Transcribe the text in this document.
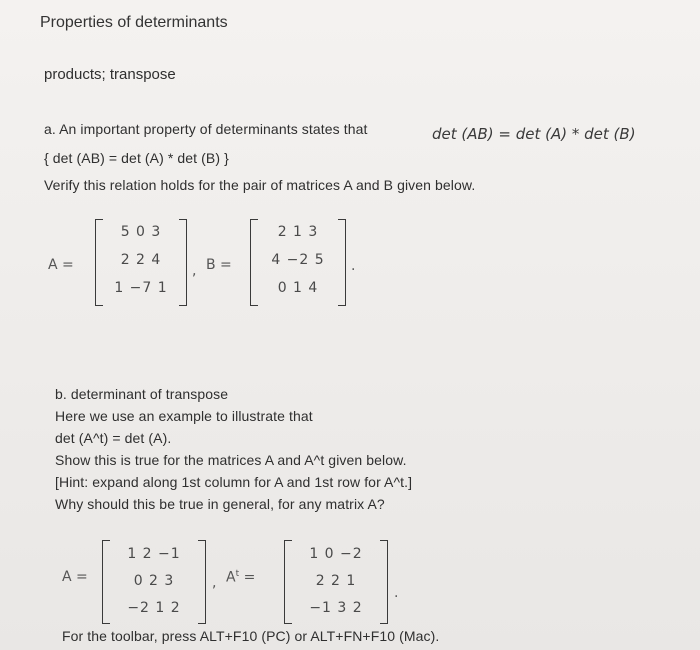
Properties of determinants
products; transpose
a. An important property of determinants states that	det (AB) = det (A) * det (B)
{ det (AB) = det (A) * det (B) }
Verify this relation holds for the pair of matrices A and B given below.
A =
5 0 3
2 2 4
1 −7 1
, B =
2 1 3
4 −2 5
0 1 4
.
b. determinant of transpose
Here we use an example to illustrate that
det (A^t) = det (A).
Show this is true for the matrices A and A^t given below.
[Hint: expand along 1st column for A and 1st row for A^t.]
Why should this be true in general, for any matrix A?
A =
1 2 −1
0 2 3
−2 1 2
, $A^t$ =
1 0 −2
2 2 1
−1 3 2
.
For the toolbar, press ALT+F10 (PC) or ALT+FN+F10 (Mac).
